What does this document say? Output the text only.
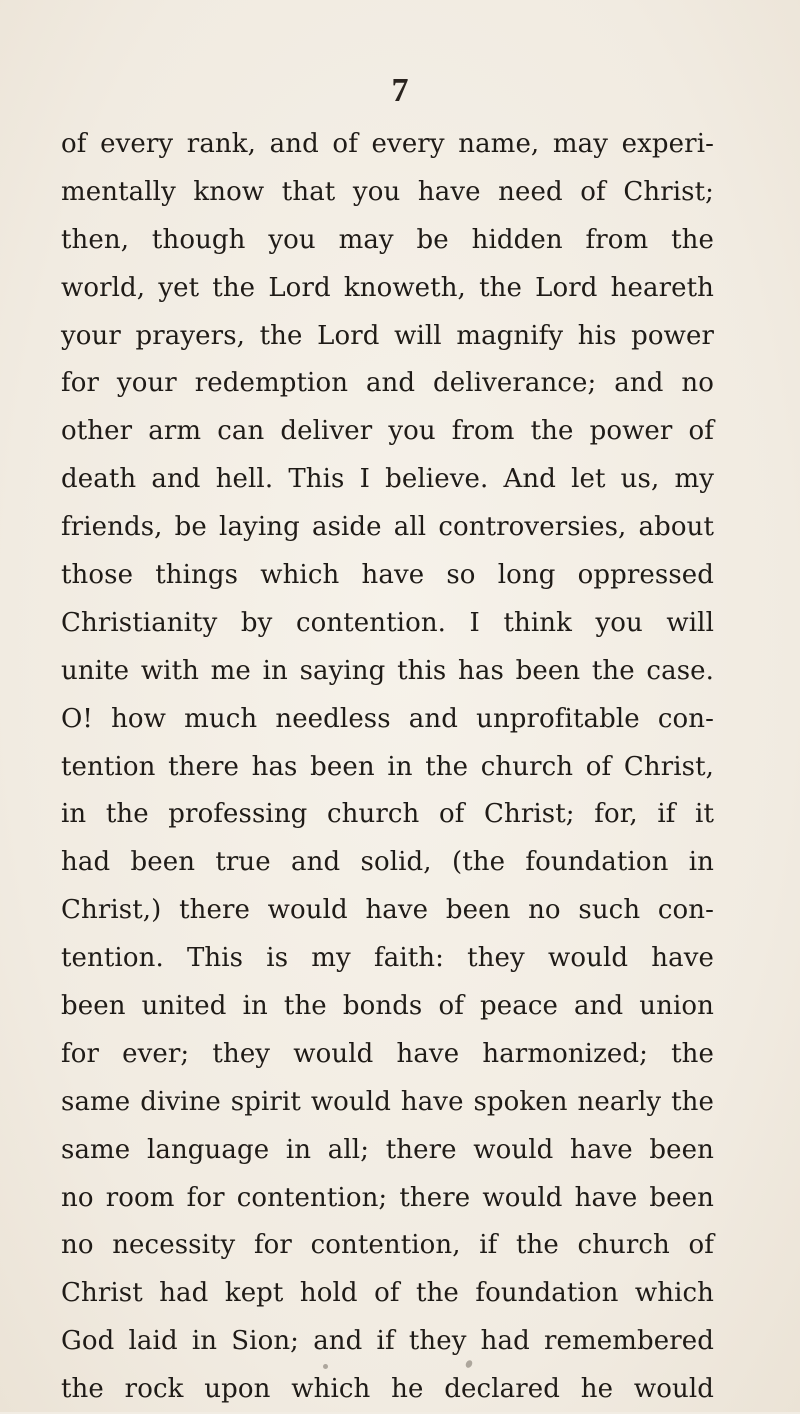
7
of every rank, and of every name, may experi-
mentally know that you have need of Christ;
then, though you may be hidden from the
world, yet the Lord knoweth, the Lord heareth
your prayers, the Lord will magnify his power
for your redemption and deliverance; and no
other arm can deliver you from the power of
death and hell. This I believe. And let us, my
friends, be laying aside all controversies, about
those things which have so long oppressed
Christianity by contention. I think you will
unite with me in saying this has been the case.
O! how much needless and unprofitable con-
tention there has been in the church of Christ,
in the professing church of Christ; for, if it
had been true and solid, (the foundation in
Christ,) there would have been no such con-
tention. This is my faith: they would have
been united in the bonds of peace and union
for ever; they would have harmonized; the
same divine spirit would have spoken nearly the
same language in all; there would have been
no room for contention; there would have been
no necessity for contention, if the church of
Christ had kept hold of the foundation which
God laid in Sion; and if they had remembered
the rock upon which he declared he would
